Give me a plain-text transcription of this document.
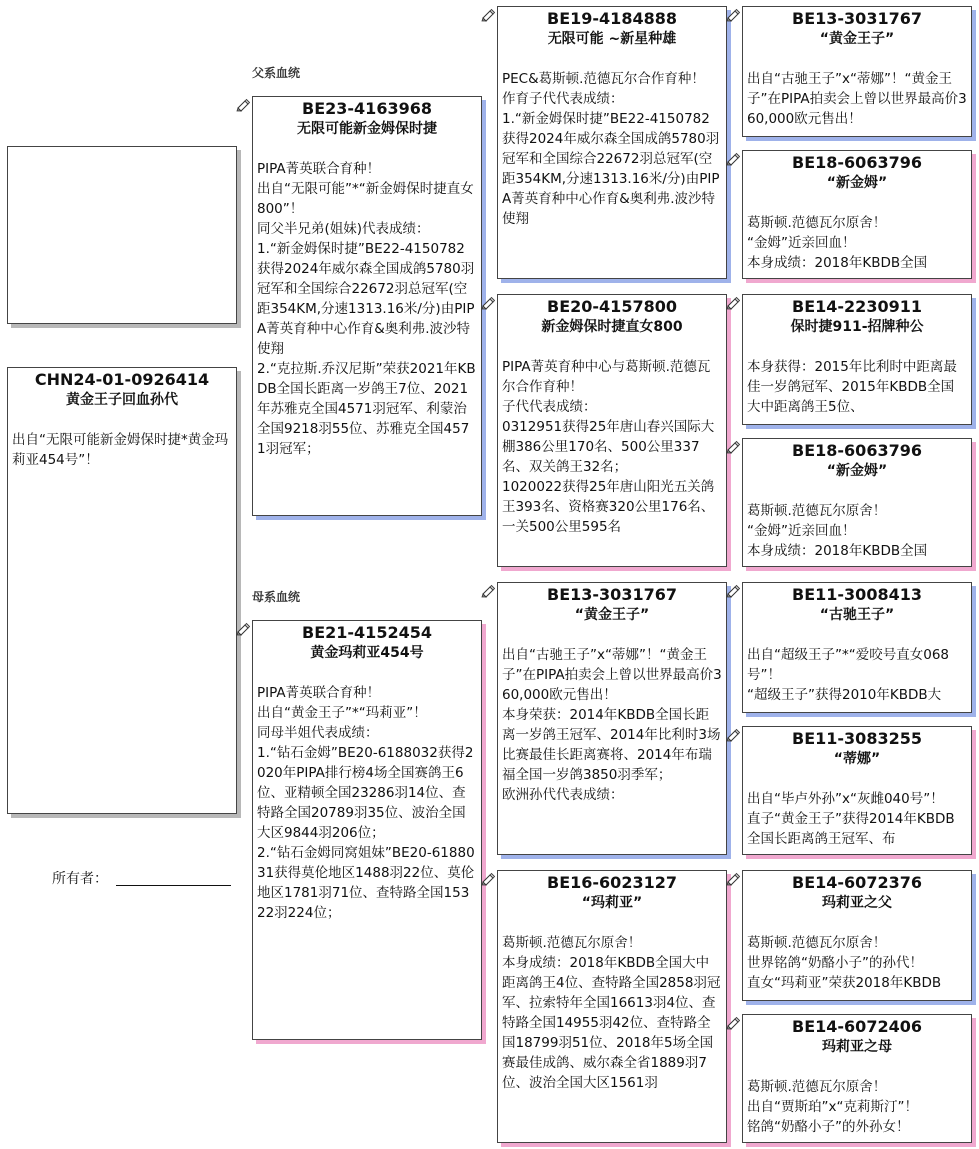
父系血统
母系血统
CHN24-01-0926414
黄金王子回血孙代
出自“无限可能新金姆保时捷*黄金玛莉亚454号”！
所有者：
BE23-4163968
无限可能新金姆保时捷
PIPA菁英联合育种！
出自“无限可能”*“新金姆保时捷直女800”！
同父半兄弟(姐妹)代表成绩：
1.“新金姆保时捷”BE22-4150782获得2024年威尔森全国成鸽5780羽冠军和全国综合22672羽总冠军(空距354KM,分速1313.16米/分)由PIPA菁英育种中心作育&奥利弗.波沙特使翔
2.“克拉斯.乔汉尼斯”荣获2021年KBDB全国长距离一岁鸽王7位、2021年苏雅克全国4571羽冠军、利蒙治全国9218羽55位、苏雅克全国4571羽冠军；
BE21-4152454
黄金玛莉亚454号
PIPA菁英联合育种！
出自“黄金王子”*“玛莉亚”！
同母半姐代表成绩：
1.“钻石金姆”BE20-6188032获得2020年PIPA排行榜4场全国赛鸽王6位、亚精顿全国23286羽14位、查特路全国20789羽35位、波治全国大区9844羽206位；
2.“钻石金姆同窝姐妹”BE20-6188031获得莫伦地区1488羽22位、莫伦地区1781羽71位、查特路全国15322羽224位；
BE19-4184888
无限可能 ~新星种雄
PEC&葛斯顿.范德瓦尔合作育种！
作育子代代表成绩：
1.“新金姆保时捷”BE22-4150782获得2024年威尔森全国成鸽5780羽冠军和全国综合22672羽总冠军(空距354KM,分速1313.16米/分)由PIPA菁英育种中心作育&奥利弗.波沙特使翔
BE20-4157800
新金姆保时捷直女800
PIPA菁英育种中心与葛斯顿.范德瓦尔合作育种！
子代代表成绩：
0312951获得25年唐山春兴国际大棚386公里170名、500公里337名、双关鸽王32名；
1020022获得25年唐山阳光五关鸽王393名、资格赛320公里176名、一关500公里595名
BE13-3031767
“黄金王子”
出自“古驰王子”x“蒂娜”！“黄金王子”在PIPA拍卖会上曾以世界最高价360,000欧元售出！
本身荣获：2014年KBDB全国长距离一岁鸽王冠军、2014年比利时3场比赛最佳长距离赛将、2014年布瑞福全国一岁鸽3850羽季军；
欧洲孙代代表成绩：
BE16-6023127
“玛莉亚”
葛斯顿.范德瓦尔原舍！
本身成绩：2018年KBDB全国大中距离鸽王4位、查特路全国2858羽冠军、拉索特年全国16613羽4位、查特路全国14955羽42位、查特路全国18799羽51位、2018年5场全国赛最佳成鸽、威尔森全省1889羽7位、波治全国大区1561羽
BE13-3031767
“黄金王子”
出自“古驰王子”x“蒂娜”！“黄金王子”在PIPA拍卖会上曾以世界最高价360,000欧元售出！
BE18-6063796
“新金姆”
葛斯顿.范德瓦尔原舍！
“金姆”近亲回血！
本身成绩：2018年KBDB全国
BE14-2230911
保时捷911-招牌种公
本身获得：2015年比利时中距离最佳一岁鸽冠军、2015年KBDB全国大中距离鸽王5位、
BE18-6063796
“新金姆”
葛斯顿.范德瓦尔原舍！
“金姆”近亲回血！
本身成绩：2018年KBDB全国
BE11-3008413
“古驰王子”
出自“超级王子”*“爱咬号直女068号”！
“超级王子”获得2010年KBDB大
BE11-3083255
“蒂娜”
出自“毕卢外孙”x“灰雌040号”！
直子“黄金王子”获得2014年KBDB全国长距离鸽王冠军、布
BE14-6072376
玛莉亚之父
葛斯顿.范德瓦尔原舍！
世界铭鸽“奶酪小子”的孙代！
直女“玛莉亚”荣获2018年KBDB
BE14-6072406
玛莉亚之母
葛斯顿.范德瓦尔原舍！
出自“贾斯珀”x“克莉斯汀”！
铭鸽“奶酪小子”的外孙女！
